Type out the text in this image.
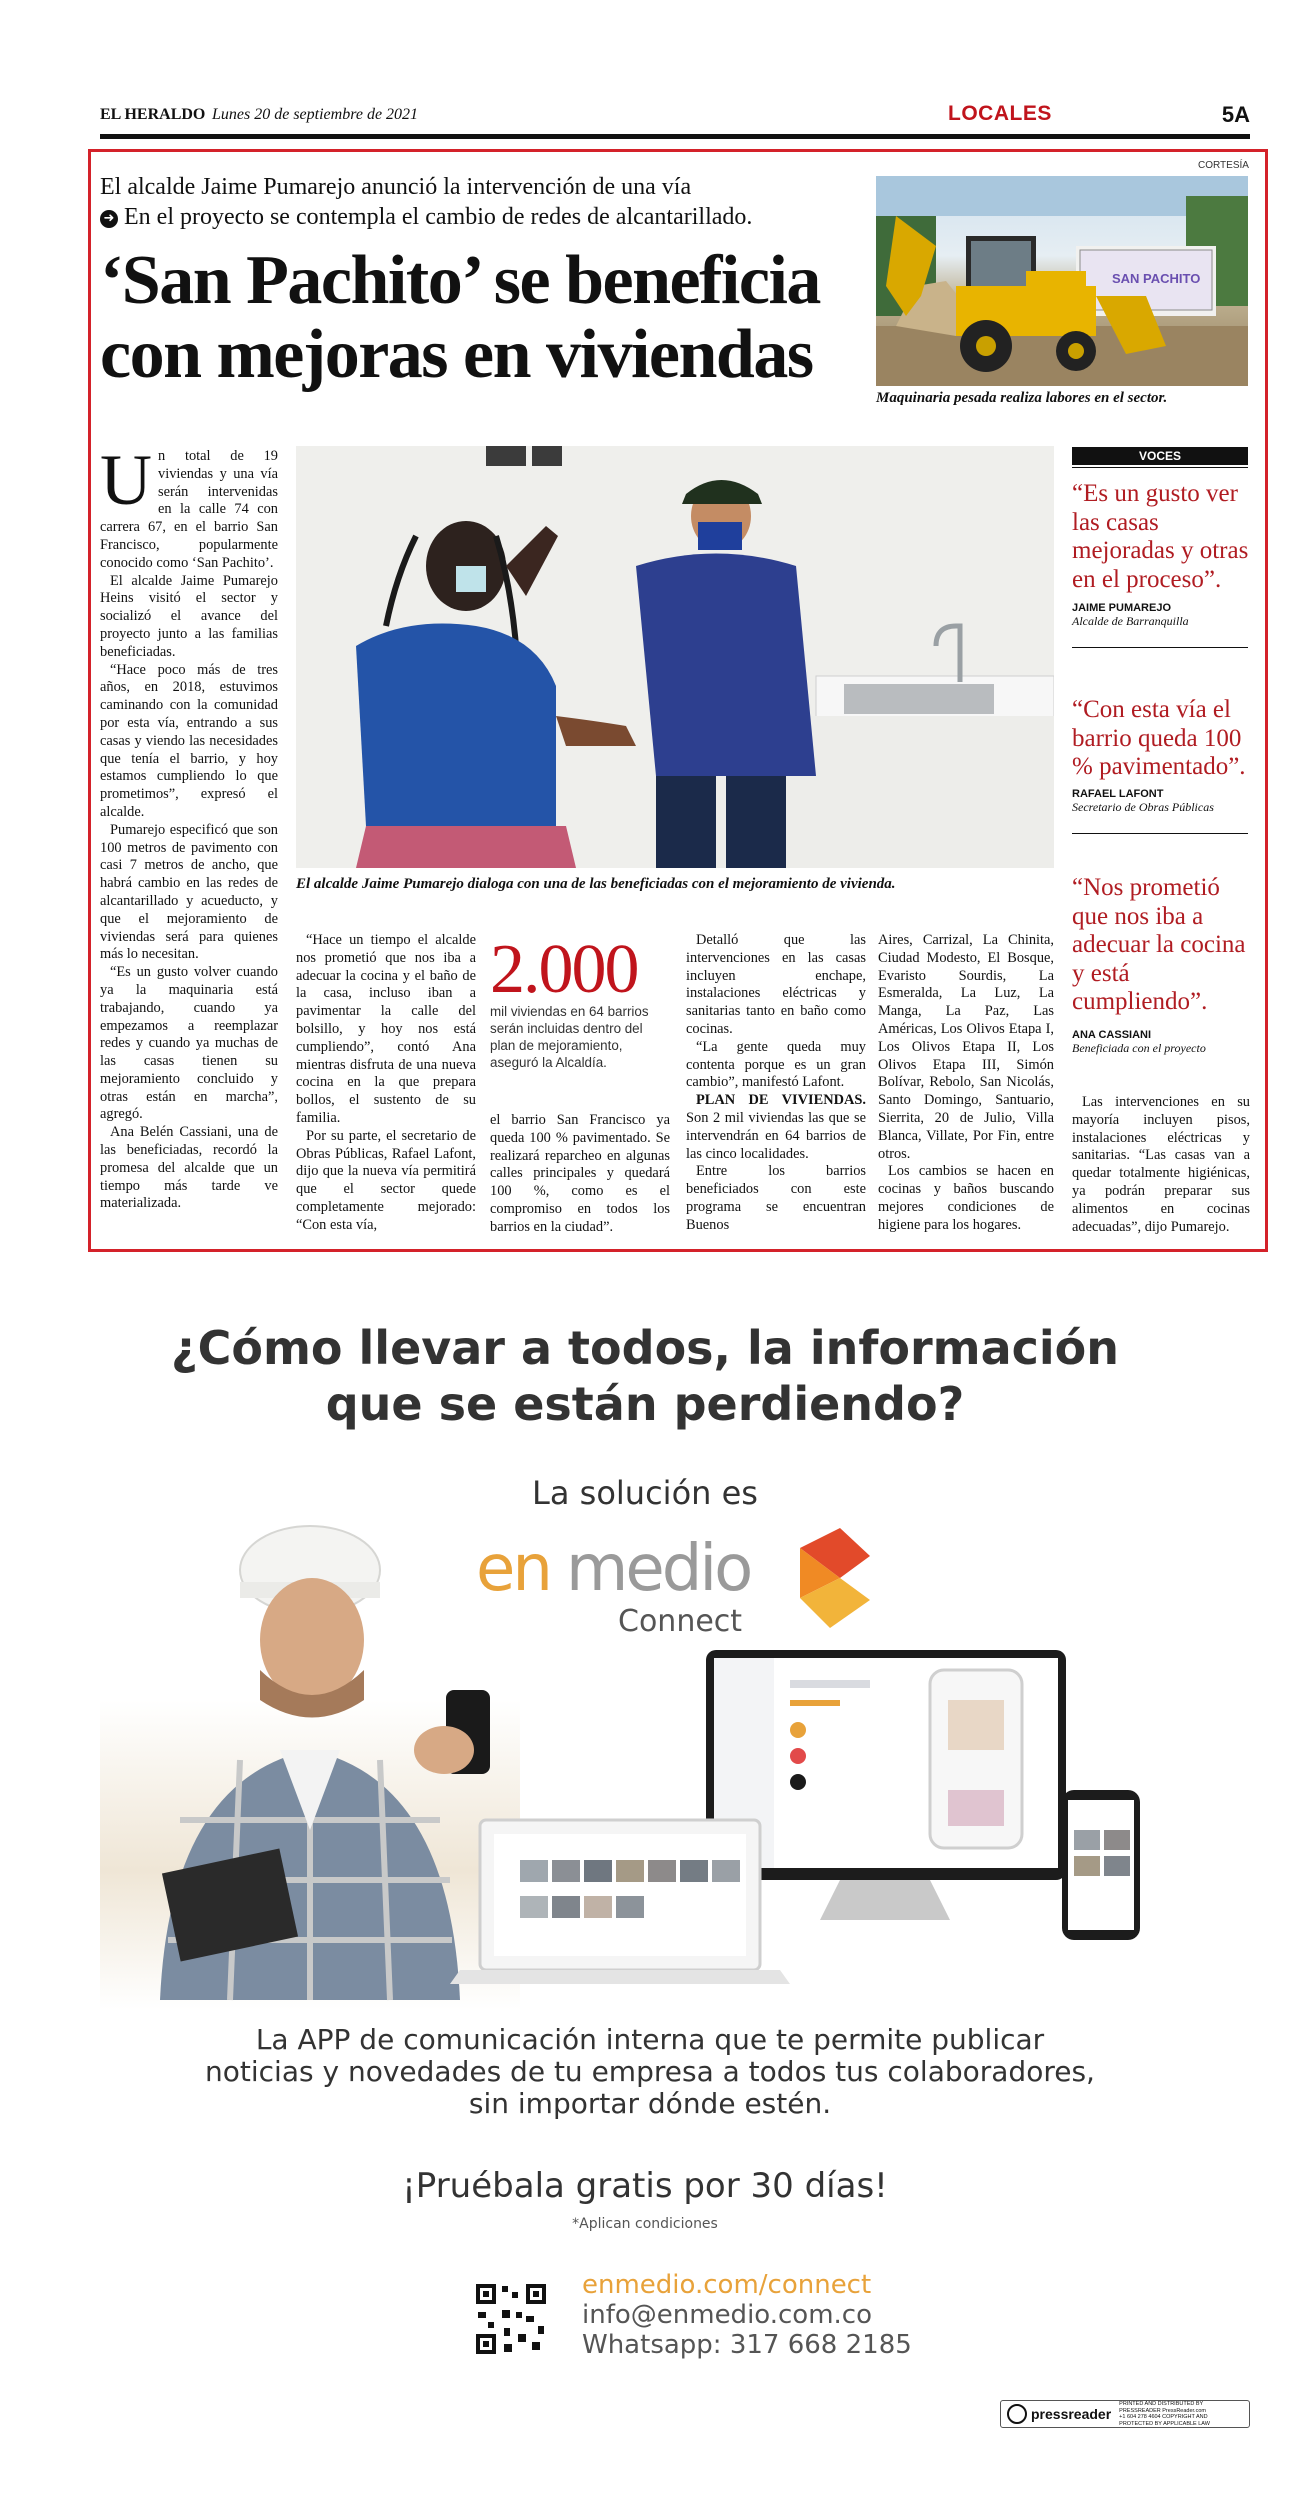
EL HERALDO Lunes 20 de septiembre de 2021	LOCALES	5A
El alcalde Jaime Pumarejo anunció la intervención de una vía
➜ En el proyecto se contempla el cambio de redes de alcantarillado.
‘San Pachito’ se beneficia con mejoras en viviendas
CORTESÍA
SAN PACHITO
Maquinaria pesada realiza labores en el sector.

Un total de 19 viviendas y una vía serán intervenidas en la calle 74 con carrera 67, en el barrio San Francisco, popularmente conocido como ‘San Pachito’.

El alcalde Jaime Pumarejo Heins visitó el sector y socializó el avance del proyecto junto a las familias beneficiadas.

“Hace poco más de tres años, en 2018, estuvimos caminando con la comunidad por esta vía, entrando a sus casas y viendo las necesidades que tenía el barrio, y hoy estamos cumpliendo lo que prometimos”, expresó el alcalde.

Pumarejo especificó que son 100 metros de pavimento con casi 7 metros de ancho, que habrá cambio en las redes de alcantarillado y acueducto, y que el mejoramiento de viviendas será para quienes más lo necesitan.

“Es un gusto volver cuando ya la maquinaria está trabajando, cuando ya empezamos a reemplazar redes y cuando ya muchas de las casas tienen su mejoramiento concluido y otras están en marcha”, agregó.

Ana Belén Cassiani, una de las beneficiadas, recordó la promesa del alcalde que un tiempo más tarde ve materializada.

El alcalde Jaime Pumarejo dialoga con una de las beneficiadas con el mejoramiento de vivienda.

“Hace un tiempo el alcalde nos prometió que nos iba a adecuar la cocina y el baño de la casa, incluso iban a pavimentar la calle del bolsillo, y hoy nos está cumpliendo”, contó Ana mientras disfruta de una nueva cocina en la que prepara bollos, el sustento de su familia.

Por su parte, el secretario de Obras Públicas, Rafael Lafont, dijo que la nueva vía permitirá que el sector quede completamente mejorado: “Con esta vía,

2.000
mil viviendas en 64 barrios serán incluidas dentro del plan de mejoramiento, aseguró la Alcaldía.

el barrio San Francisco ya queda 100 % pavimentado. Se realizará reparcheo en algunas calles principales y quedará 100 %, como es el compromiso en todos los barrios en la ciudad”.

Detalló que las intervenciones en las casas incluyen enchape, instalaciones eléctricas y sanitarias tanto en baño como cocinas.

“La gente queda muy contenta porque es un gran cambio”, manifestó Lafont.

PLAN DE VIVIENDAS. Son 2 mil viviendas las que se intervendrán en 64 barrios de las cinco localidades.

Entre los barrios beneficiados con este programa se encuentran Buenos

Aires, Carrizal, La Chinita, Ciudad Modesto, El Bosque, Evaristo Sourdis, La Esmeralda, La Luz, La Manga, La Paz, Las Américas, Los Olivos Etapa I, Los Olivos Etapa II, Los Olivos Etapa III, Simón Bolívar, Rebolo, San Nicolás, Santo Domingo, Santuario, Sierrita, 20 de Julio, Villa Blanca, Villate, Por Fin, entre otros.

Los cambios se hacen en cocinas y baños buscando mejores condiciones de higiene para los hogares.

VOCES
“Es un gusto ver las casas mejoradas y otras en el proceso”.
JAIME PUMAREJO
Alcalde de Barranquilla
“Con esta vía el barrio queda 100 % pavimentado”.
RAFAEL LAFONT
Secretario de Obras Públicas
“Nos prometió que nos iba a adecuar la cocina y está cumpliendo”.
ANA CASSIANI
Beneficiada con el proyecto

Las intervenciones en su mayoría incluyen pisos, instalaciones eléctricas y sanitarias. “Las casas van a quedar totalmente higiénicas, ya podrán preparar sus alimentos en cocinas adecuadas”, dijo Pumarejo.

¿Cómo llevar a todos, la información
que se están perdiendo?
La solución es
en medio
Connect
La APP de comunicación interna que te permite publicar noticias y novedades de tu empresa a todos tus colaboradores, sin importar dónde estén.
¡Pruébala gratis por 30 días!
*Aplican condiciones
enmedio.com/connect
info@enmedio.com.co
Whatsapp: 317 668 2185
pressreader
PRINTED AND DISTRIBUTED BY PRESSREADER PressReader.com +1 604 278 4604 COPYRIGHT AND PROTECTED BY APPLICABLE LAW
